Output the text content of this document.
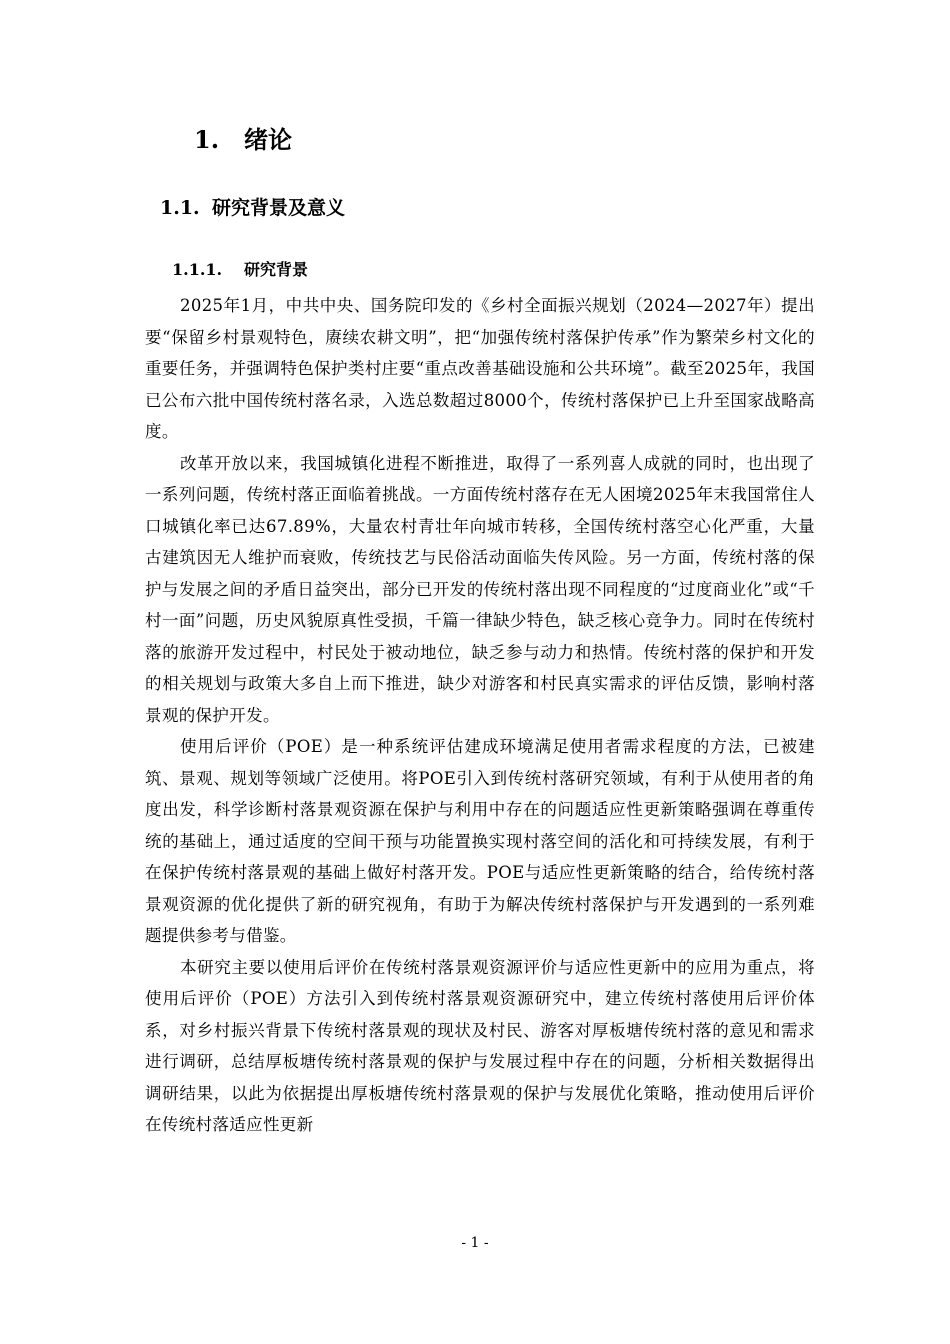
1. 绪论
1.1. 研究背景及意义
1.1.1. 研究背景

2025年1月，中共中央、国务院印发的《乡村全面振兴规划（2024—2027年）提出要“保留乡村景观特色，赓续农耕文明”，把“加强传统村落保护传承”作为繁荣乡村文化的重要任务，并强调特色保护类村庄要“重点改善基础设施和公共环境”。截至2025年，我国已公布六批中国传统村落名录，入选总数超过8000个，传统村落保护已上升至国家战略高度。

改革开放以来，我国城镇化进程不断推进，取得了一系列喜人成就的同时，也出现了一系列问题，传统村落正面临着挑战。一方面传统村落存在无人困境2025年末我国常住人口城镇化率已达67.89%，大量农村青壮年向城市转移，全国传统村落空心化严重，大量古建筑因无人维护而衰败，传统技艺与民俗活动面临失传风险。另一方面，传统村落的保护与发展之间的矛盾日益突出，部分已开发的传统村落出现不同程度的“过度商业化”或“千村一面”问题，历史风貌原真性受损，千篇一律缺少特色，缺乏核心竞争力。同时在传统村落的旅游开发过程中，村民处于被动地位，缺乏参与动力和热情。传统村落的保护和开发的相关规划与政策大多自上而下推进，缺少对游客和村民真实需求的评估反馈，影响村落景观的保护开发。

使用后评价（POE）是一种系统评估建成环境满足使用者需求程度的方法，已被建筑、景观、规划等领域广泛使用。将POE引入到传统村落研究领域，有利于从使用者的角度出发，科学诊断村落景观资源在保护与利用中存在的问题适应性更新策略强调在尊重传统的基础上，通过适度的空间干预与功能置换实现村落空间的活化和可持续发展，有利于在保护传统村落景观的基础上做好村落开发。POE与适应性更新策略的结合，给传统村落景观资源的优化提供了新的研究视角，有助于为解决传统村落保护与开发遇到的一系列难题提供参考与借鉴。

本研究主要以使用后评价在传统村落景观资源评价与适应性更新中的应用为重点，将使用后评价（POE）方法引入到传统村落景观资源研究中，建立传统村落使用后评价体系，对乡村振兴背景下传统村落景观的现状及村民、游客对厚板塘传统村落的意见和需求进行调研，总结厚板塘传统村落景观的保护与发展过程中存在的问题，分析相关数据得出调研结果，以此为依据提出厚板塘传统村落景观的保护与发展优化策略，推动使用后评价在传统村落适应性更新

- 1 -
